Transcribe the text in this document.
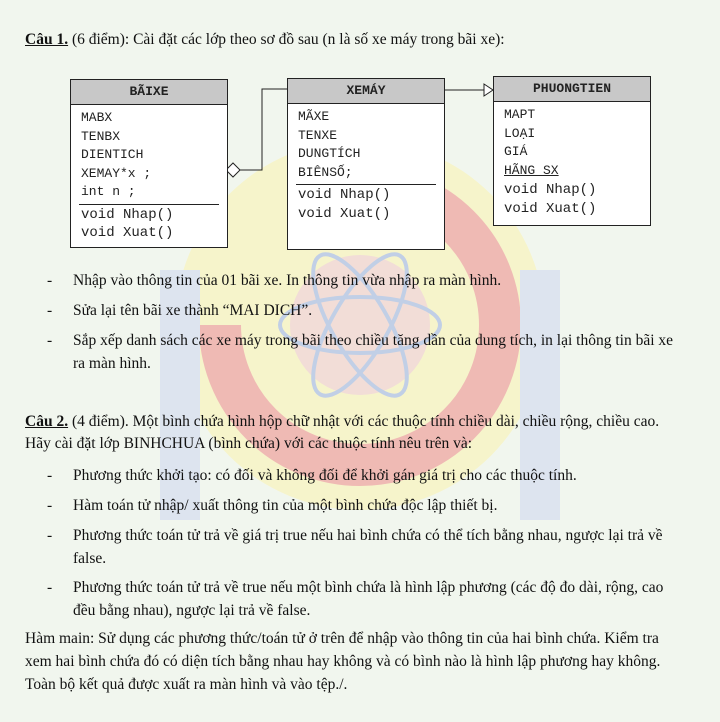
Câu 1. (6 điểm): Cài đặt các lớp theo sơ đồ sau (n là số xe máy trong bãi xe):
BÃIXE
MABX
TENBX
DIENTICH
XEMAY*x ;
int n ;
void Nhap()
void Xuat()
XEMÁY
MÃXE
TENXE
DUNGTÍCH
BIÊNSỐ;
void Nhap()
void Xuat()
PHUONGTIEN
MAPT
LOẠI
GIÁ
HÃNG_SX
void Nhap()
void Xuat()
- Nhập vào thông tin của 01 bãi xe. In thông tin vừa nhập ra màn hình.
- Sửa lại tên bãi xe thành “MAI DICH”.
- Sắp xếp danh sách các xe máy trong bãi theo chiều tăng dần của dung tích, in lại thông tin bãi xe ra màn hình.
Câu 2. (4 điểm). Một bình chứa hình hộp chữ nhật với các thuộc tính chiều dài, chiều rộng, chiều cao. Hãy cài đặt lớp BINHCHUA (bình chứa) với các thuộc tính nêu trên và:
- Phương thức khởi tạo: có đối và không đối để khởi gán giá trị cho các thuộc tính.
- Hàm toán tử nhập/ xuất thông tin của một bình chứa độc lập thiết bị.
- Phương thức toán tử trả về giá trị true nếu hai bình chứa có thể tích bằng nhau, ngược lại trả về false.
- Phương thức toán tử trả về true nếu một bình chứa là hình lập phương (các độ đo dài, rộng, cao đều bằng nhau), ngược lại trả về false.
Hàm main: Sử dụng các phương thức/toán tử ở trên để nhập vào thông tin của hai bình chứa. Kiểm tra xem hai bình chứa đó có diện tích bằng nhau hay không và có bình nào là hình lập phương hay không. Toàn bộ kết quả được xuất ra màn hình và vào tệp./.
